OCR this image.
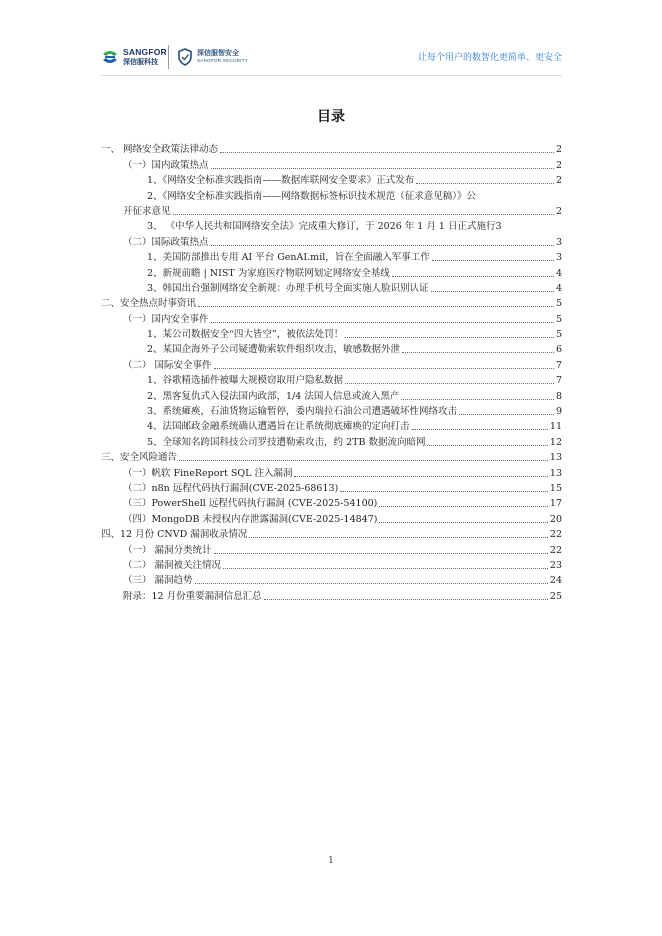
SANGFOR
深信服科技
深信服智安全
SANGFOR SECURITY	让每个用户的数智化更简单、更安全
目录
一、 网络安全政策法律动态	2
（一）国内政策热点	2
1、《网络安全标准实践指南——数据库联网安全要求》正式发布	2
2、《网络安全标准实践指南——网络数据标签标识技术规范（征求意见稿）》公
开征求意见	2
3、 《中华人民共和国网络安全法》完成重大修订，于 2026 年 1 月 1 日正式施行 3
（二）国际政策热点	3
1、美国防部推出专用 AI 平台 GenAI.mil，旨在全面融入军事工作	3
2、新规前瞻 | NIST 为家庭医疗物联网划定网络安全基线	4
3、韩国出台强制网络安全新规：办理手机号全面实施人脸识别认证	4
二、安全热点时事资讯	5
（一）国内安全事件	5
1、某公司数据安全“四大皆空”，被依法处罚！	5
2、某国企海外子公司疑遭勒索软件组织攻击，敏感数据外泄	6
（二） 国际安全事件	7
1、谷歌精选插件被曝大规模窃取用户隐私数据	7
2、黑客复仇式入侵法国内政部，1/4 法国人信息或流入黑产	8
3、系统瘫痪，石油货物运输暂停，委内瑞拉石油公司遭遇破坏性网络攻击	9
4、法国邮政金融系统确认遭遇旨在让系统彻底瘫痪的定向打击	11
5、全球知名跨国科技公司罗技遭勒索攻击，约 2TB 数据流向暗网	12
三、安全风险通告	13
（一）帆软 FineReport SQL 注入漏洞	13
（二）n8n 远程代码执行漏洞(CVE-2025-68613)	15
（三）PowerShell 远程代码执行漏洞 (CVE-2025-54100)	17
（四）MongoDB 未授权内存泄露漏洞(CVE-2025-14847)	20
四、12 月份 CNVD 漏洞收录情况	22
（一） 漏洞分类统计	22
（二） 漏洞被关注情况	23
（三） 漏洞趋势	24
附录：12 月份重要漏洞信息汇总	25
1
